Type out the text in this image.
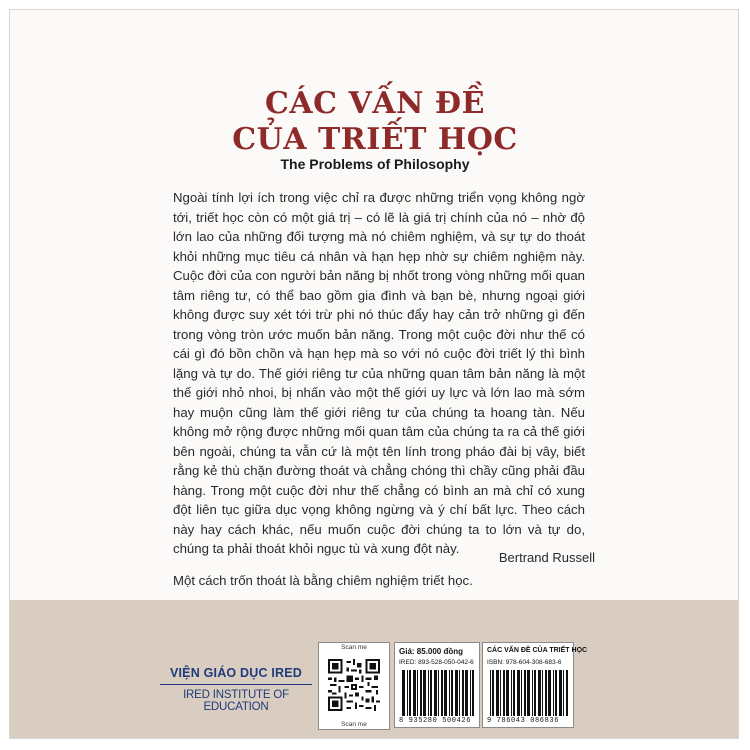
CÁC VẤN ĐỀ
CỦA TRIẾT HỌC
The Problems of Philosophy

Ngoài tính lợi ích trong việc chỉ ra được những triển vọng không ngờ tới, triết học còn có một giá trị – có lẽ là giá trị chính của nó – nhờ độ lớn lao của những đối tượng mà nó chiêm nghiệm, và sự tự do thoát khỏi những mục tiêu cá nhân và hạn hẹp nhờ sự chiêm nghiệm này. Cuộc đời của con người bản năng bị nhốt trong vòng những mối quan tâm riêng tư, có thể bao gồm gia đình và bạn bè, nhưng ngoại giới không được suy xét tới trừ phi nó thúc đẩy hay cản trở những gì đến trong vòng tròn ước muốn bản năng. Trong một cuộc đời như thế có cái gì đó bồn chồn và hạn hẹp mà so với nó cuộc đời triết lý thì bình lặng và tự do. Thế giới riêng tư của những quan tâm bản năng là một thế giới nhỏ nhoi, bị nhấn vào một thế giới uy lực và lớn lao mà sớm hay muộn cũng làm thế giới riêng tư của chúng ta hoang tàn. Nếu không mở rộng được những mối quan tâm của chúng ta ra cả thế giới bên ngoài, chúng ta vẫn cứ là một tên lính trong pháo đài bị vây, biết rằng kẻ thù chặn đường thoát và chẳng chóng thì chầy cũng phải đầu hàng. Trong một cuộc đời như thế chẳng có bình an mà chỉ có xung đột liên tục giữa dục vọng không ngừng và ý chí bất lực. Theo cách này hay cách khác, nếu muốn cuộc đời chúng ta to lớn và tự do, chúng ta phải thoát khỏi ngục tù và xung đột này.

Một cách trốn thoát là bằng chiêm nghiệm triết học.

Bertrand Russell
VIỆN GIÁO DỤC IRED
IRED INSTITUTE OF EDUCATION
Scan me
Scan me
Giá: 85.000 đồng
IRED: 893-528-050-042-6
8 935280 500426
CÁC VẤN ĐỀ CỦA TRIẾT HỌC
ISBN: 978-604-308-683-6
9 786043 086836
